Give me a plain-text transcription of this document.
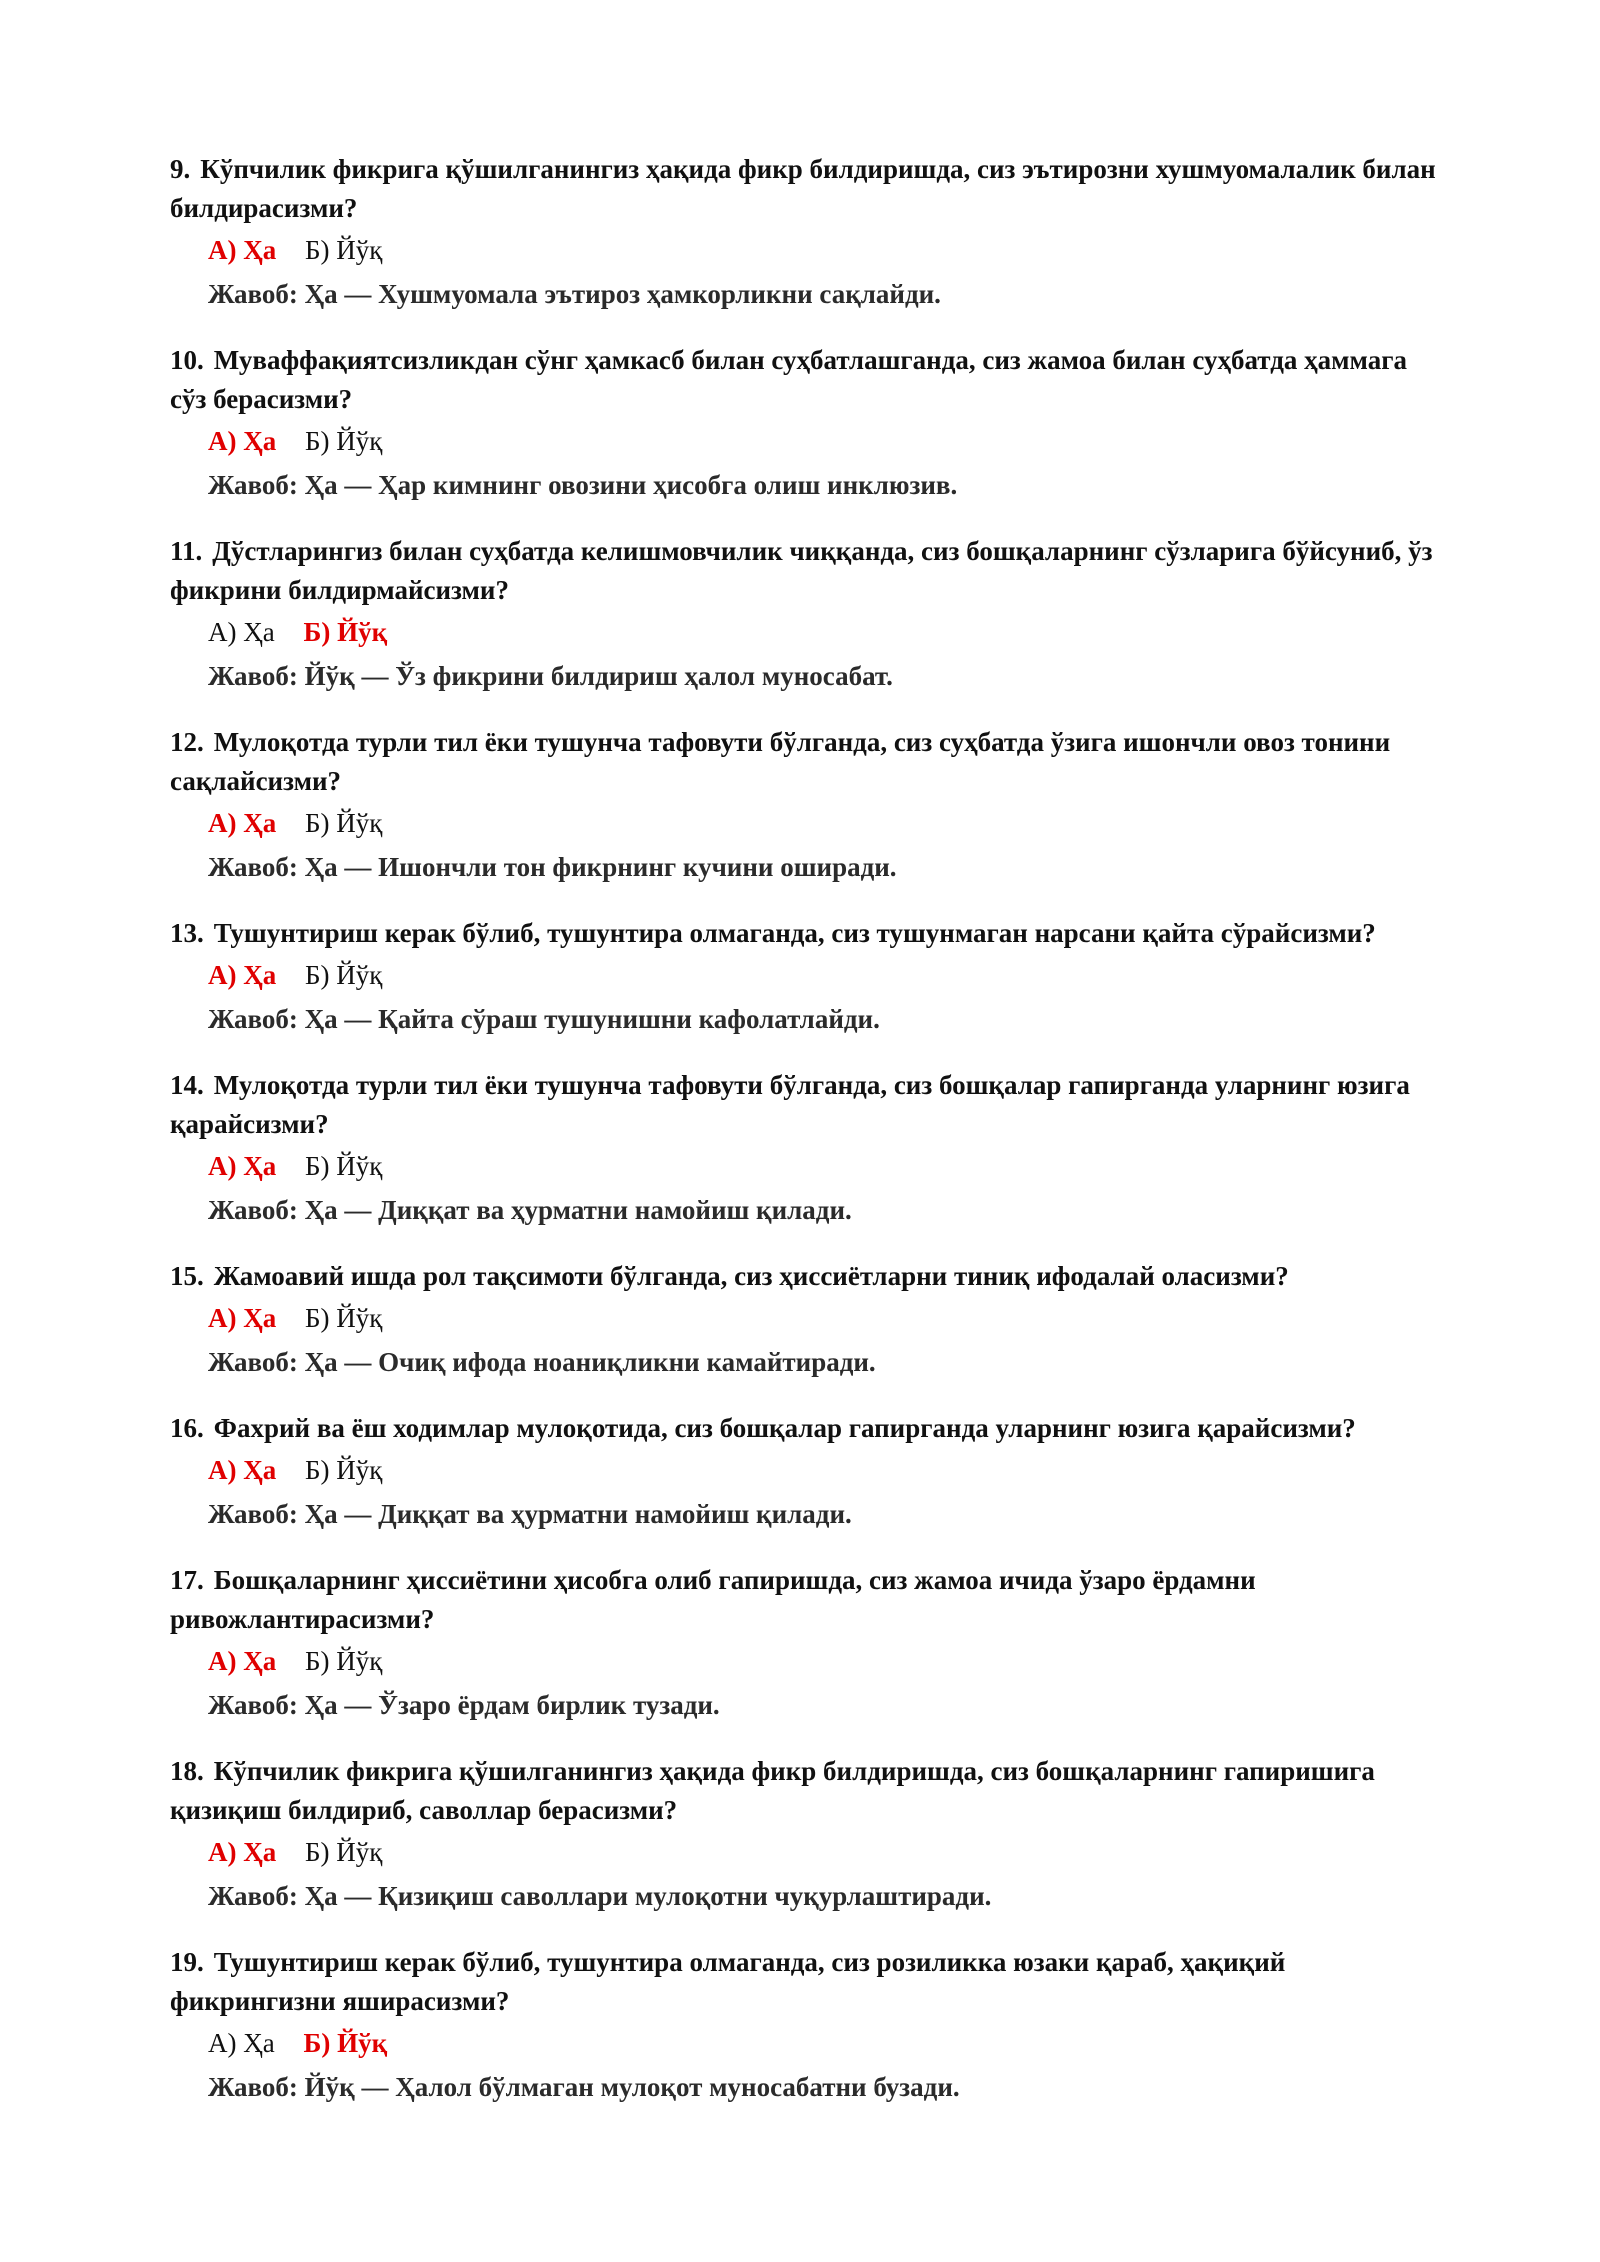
9. Кўпчилик фикрига қўшилганингиз ҳақида фикр билдиришда, сиз эътирозни хушмуомалалик билан билдирасизми?

А) Ҳа Б) Йўқ
Жавоб: Ҳа — Хушмуомала эътироз ҳамкорликни сақлайди.

10. Муваффақиятсизликдан сўнг ҳамкасб билан суҳбатлашганда, сиз жамоа билан суҳбатда ҳаммага сўз берасизми?

А) Ҳа Б) Йўқ
Жавоб: Ҳа — Ҳар кимнинг овозини ҳисобга олиш инклюзив.

11. Дўстларингиз билан суҳбатда келишмовчилик чиққанда, сиз бошқаларнинг сўзларига бўйсуниб, ўз фикрини билдирмайсизми?

А) Ҳа Б) Йўқ
Жавоб: Йўқ — Ўз фикрини билдириш ҳалол муносабат.

12. Мулоқотда турли тил ёки тушунча тафовути бўлганда, сиз суҳбатда ўзига ишончли овоз тонини сақлайсизми?

А) Ҳа Б) Йўқ
Жавоб: Ҳа — Ишончли тон фикрнинг кучини оширади.

13. Тушунтириш керак бўлиб, тушунтира олмаганда, сиз тушунмаган нарсани қайта сўрайсизми?

А) Ҳа Б) Йўқ
Жавоб: Ҳа — Қайта сўраш тушунишни кафолатлайди.

14. Мулоқотда турли тил ёки тушунча тафовути бўлганда, сиз бошқалар гапирганда уларнинг юзига қарайсизми?

А) Ҳа Б) Йўқ
Жавоб: Ҳа — Диққат ва ҳурматни намойиш қилади.

15. Жамоавий ишда рол тақсимоти бўлганда, сиз ҳиссиётларни тиниқ ифодалай оласизми?

А) Ҳа Б) Йўқ
Жавоб: Ҳа — Очиқ ифода ноаниқликни камайтиради.

16. Фахрий ва ёш ходимлар мулоқотида, сиз бошқалар гапирганда уларнинг юзига қарайсизми?

А) Ҳа Б) Йўқ
Жавоб: Ҳа — Диққат ва ҳурматни намойиш қилади.

17. Бошқаларнинг ҳиссиётини ҳисобга олиб гапиришда, сиз жамоа ичида ўзаро ёрдамни ривожлантирасизми?

А) Ҳа Б) Йўқ
Жавоб: Ҳа — Ўзаро ёрдам бирлик тузади.

18. Кўпчилик фикрига қўшилганингиз ҳақида фикр билдиришда, сиз бошқаларнинг гапиришига қизиқиш билдириб, саволлар берасизми?

А) Ҳа Б) Йўқ
Жавоб: Ҳа — Қизиқиш саволлари мулоқотни чуқурлаштиради.

19. Тушунтириш керак бўлиб, тушунтира олмаганда, сиз розиликка юзаки қараб, ҳақиқий фикрингизни яширасизми?

А) Ҳа Б) Йўқ
Жавоб: Йўқ — Ҳалол бўлмаган мулоқот муносабатни бузади.
